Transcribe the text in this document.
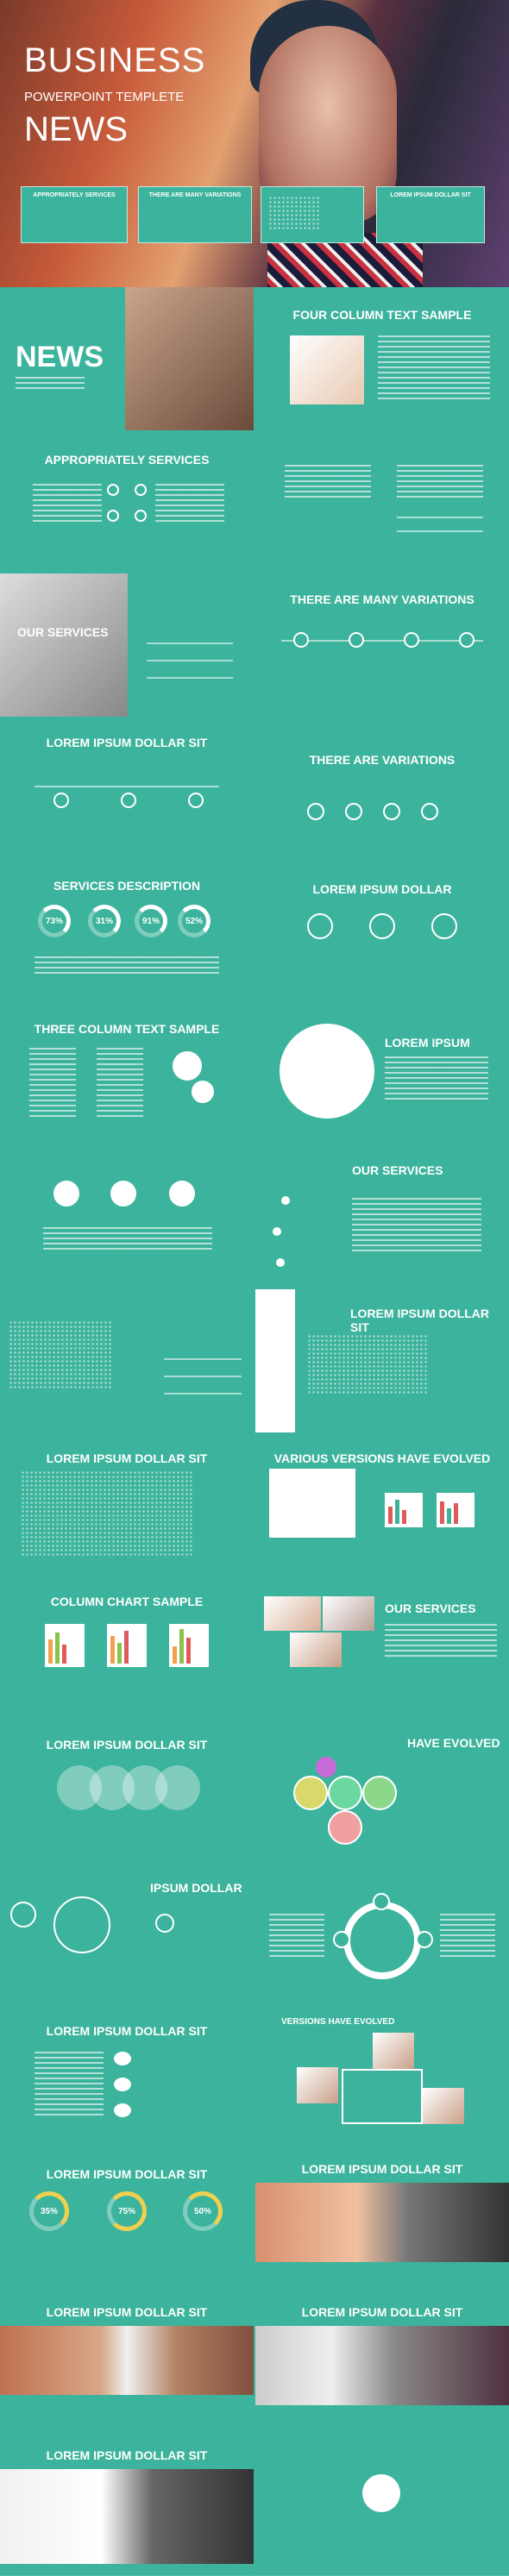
BUSINESS
POWERPOINT TEMPLETE
NEWS
APPROPRIATELY SERVICES	THERE ARE MANY VARIATIONS	LOREM IPSUM DOLLAR SIT
NEWS
FOUR COLUMN TEXT SAMPLE
APPROPRIATELY SERVICES
OUR SERVICES
THERE ARE MANY VARIATIONS
LOREM IPSUM DOLLAR SIT
THERE ARE VARIATIONS
SERVICES DESCRIPTION
73%	31%	91%	52%
LOREM IPSUM DOLLAR
THREE COLUMN TEXT SAMPLE
LOREM IPSUM
OUR SERVICES
LOREM IPSUM DOLLAR SIT
LOREM IPSUM DOLLAR SIT	VARIOUS VERSIONS HAVE EVOLVED
COLUMN CHART SAMPLE	OUR SERVICES
LOREM IPSUM DOLLAR SIT	HAVE EVOLVED
IPSUM DOLLAR
LOREM IPSUM DOLLAR SIT
VERSIONS HAVE EVOLVED
LOREM IPSUM DOLLAR SIT
35%	75%	50%
LOREM IPSUM DOLLAR SIT
LOREM IPSUM DOLLAR SIT	LOREM IPSUM DOLLAR SIT
LOREM IPSUM DOLLAR SIT
